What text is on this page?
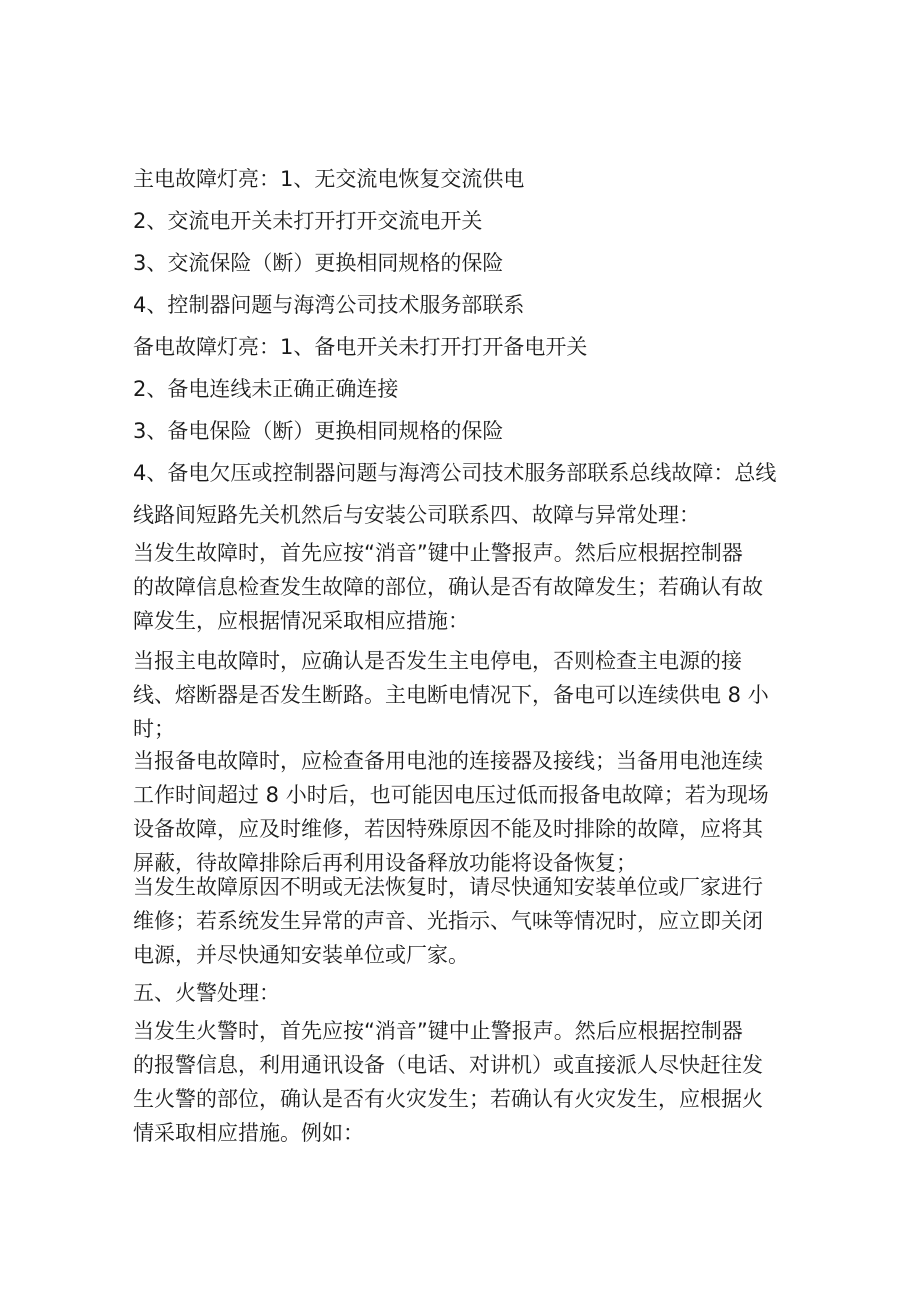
主电故障灯亮：1、无交流电恢复交流供电
2、交流电开关未打开打开交流电开关
3、交流保险（断）更换相同规格的保险
4、控制器问题与海湾公司技术服务部联系
备电故障灯亮：1、备电开关未打开打开备电开关
2、备电连线未正确正确连接
3、备电保险（断）更换相同规格的保险
4、备电欠压或控制器问题与海湾公司技术服务部联系总线故障：总线
线路间短路先关机然后与安装公司联系四、故障与异常处理：
当发生故障时，首先应按“消音”键中止警报声。然后应根据控制器
的故障信息检查发生故障的部位，确认是否有故障发生；若确认有故
障发生，应根据情况采取相应措施：
当报主电故障时，应确认是否发生主电停电，否则检查主电源的接
线、熔断器是否发生断路。主电断电情况下，备电可以连续供电 8 小
时；
当报备电故障时，应检查备用电池的连接器及接线；当备用电池连续
工作时间超过 8 小时后，也可能因电压过低而报备电故障；若为现场
设备故障，应及时维修，若因特殊原因不能及时排除的故障，应将其
屏蔽，待故障排除后再利用设备释放功能将设备恢复；
当发生故障原因不明或无法恢复时，请尽快通知安装单位或厂家进行
维修；若系统发生异常的声音、光指示、气味等情况时，应立即关闭
电源，并尽快通知安装单位或厂家。
五、火警处理：
当发生火警时，首先应按“消音”键中止警报声。然后应根据控制器
的报警信息，利用通讯设备（电话、对讲机）或直接派人尽快赶往发
生火警的部位，确认是否有火灾发生；若确认有火灾发生，应根据火
情采取相应措施。例如：
